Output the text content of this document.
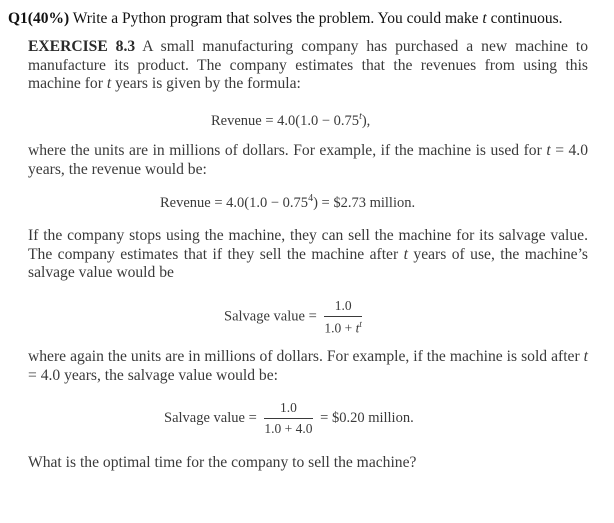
Q1(40%) Write a Python program that solves the problem. You could make t continuous.
EXERCISE 8.3 A small manufacturing company has purchased a new machine to manufacture its product. The company estimates that the revenues from using this machine for t years is given by the formula:
Revenue = $4.0(1.0 - 0.75^t)$,
where the units are in millions of dollars. For example, if the machine is used for t = 4.0 years, the revenue would be:
Revenue = $4.0(1.0 - 0.75^4)$ = $2.73 million.
If the company stops using the machine, they can sell the machine for its salvage value. The company estimates that if they sell the machine after t years of use, the machine’s salvage value would be
Salvage value = $\frac{1.0}{1.0 + t^t}$
where again the units are in millions of dollars. For example, if the machine is sold after t = 4.0 years, the salvage value would be:
Salvage value = $\frac{1.0}{1.0 + 4.0}$ = $0.20 million.
What is the optimal time for the company to sell the machine?
